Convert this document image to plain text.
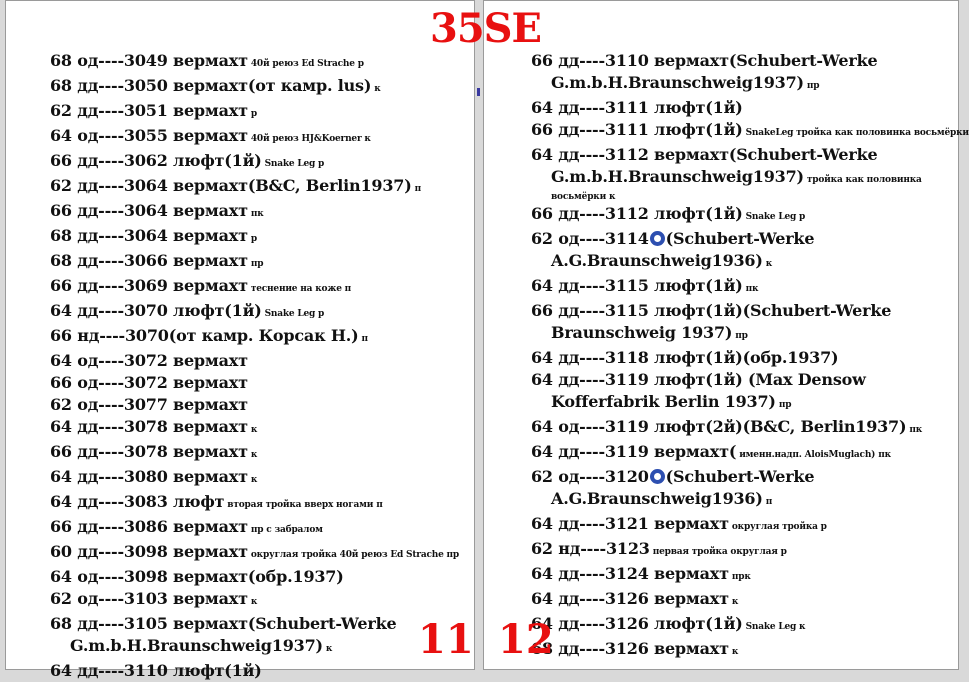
68 од----3049 вермахт 40й реюз Ed Strache р
68 дд----3050 вермахт(от камр. lus) к
62 дд----3051 вермахт р
64 од----3055 вермахт 40й реюз HJ&Koerner к
66 дд----3062 люфт(1й) Snake Leg р
62 дд----3064 вермахт(B&C, Berlin1937) п
66 дд----3064 вермахт пк
68 дд----3064 вермахт р
68 дд----3066 вермахт пр
66 дд----3069 вермахт теснение на коже п
64 дд----3070 люфт(1й) Snake Leg р
66 нд----3070(от камр. Корсак Н.) п
64 од----3072 вермахт
66 од----3072 вермахт
62 од----3077 вермахт
64 дд----3078 вермахт к
66 дд----3078 вермахт к
64 дд----3080 вермахт к
64 дд----3083 люфт вторая тройка вверх ногами п
66 дд----3086 вермахт пр с забралом
60 дд----3098 вермахт округлая тройка 40й реюз Ed Strache пр
64 од----3098 вермахт(обр.1937)
62 од----3103 вермахт к
68 дд----3105 вермахт(Schubert-Werke
G.m.b.H.Braunschweig1937) к
64 дд----3110 люфт(1й)
66 дд----3110 вермахт(Schubert-Werke
G.m.b.H.Braunschweig1937) пр
64 дд----3111 люфт(1й)
66 дд----3111 люфт(1й) SnakeLeg тройка как половинка восьмёрки
64 дд----3112 вермахт(Schubert-Werke
G.m.b.H.Braunschweig1937) тройка как половинка
восьмёрки к
66 дд----3112 люфт(1й) Snake Leg р
62 од----3114 (Schubert-Werke
A.G.Braunschweig1936) к
64 дд----3115 люфт(1й) пк
66 дд----3115 люфт(1й)(Schubert-Werke
Braunschweig 1937) пр
64 дд----3118 люфт(1й)(обр.1937)
64 дд----3119 люфт(1й) (Max Densow
Kofferfabrik Berlin 1937) пр
64 од----3119 люфт(2й)(B&C, Berlin1937) пк
64 дд----3119 вермахт( именн.надп. AloisMuglach) пк
62 од----3120 (Schubert-Werke
A.G.Braunschweig1936) п
64 дд----3121 вермахт округлая тройка р
62 нд----3123 первая тройка округлая р
64 дд----3124 вермахт прк
64 дд----3126 вермахт к
64 дд----3126 люфт(1й) Snake Leg к
68 дд----3126 вермахт к
35SE
11 12
